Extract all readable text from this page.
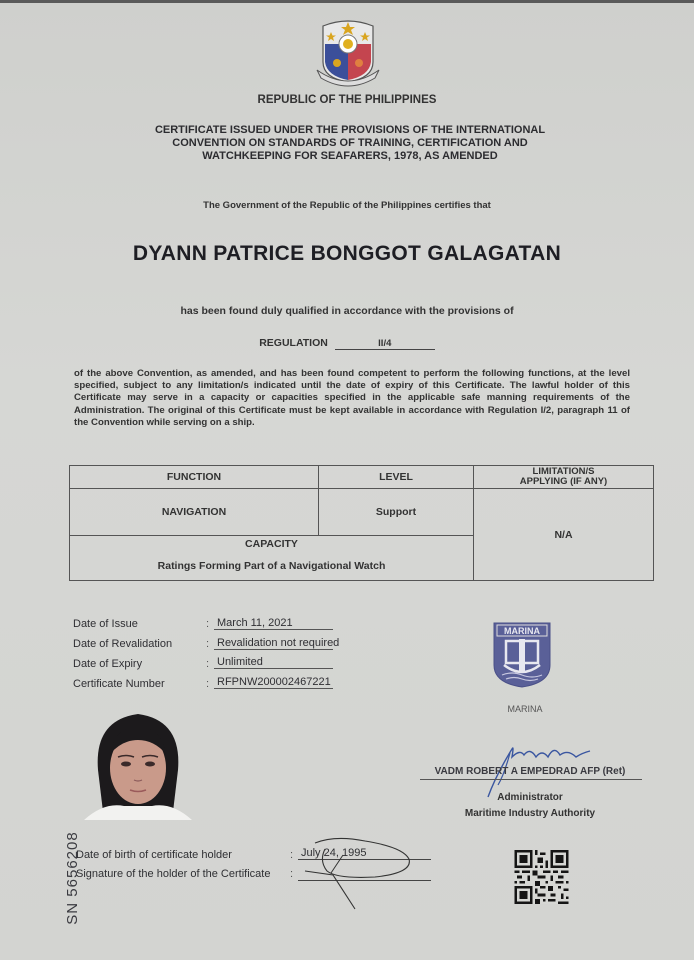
REPUBLIC OF THE PHILIPPINES
CERTIFICATE ISSUED UNDER THE PROVISIONS OF THE INTERNATIONAL
CONVENTION ON STANDARDS OF TRAINING, CERTIFICATION AND
WATCHKEEPING FOR SEAFARERS, 1978, AS AMENDED
The Government of the Republic of the Philippines certifies that
DYANN PATRICE BONGGOT GALAGATAN
has been found duly qualified in accordance with the provisions of
REGULATION	II/4
of the above Convention, as amended, and has been found competent to perform the following functions, at the level specified, subject to any limitation/s indicated until the date of expiry of this Certificate. The lawful holder of this Certificate may serve in a capacity or capacities specified in the applicable safe manning requirements of the Administration. The original of this Certificate must be kept available in accordance with Regulation I/2, paragraph 11 of the Convention while serving on a ship.
FUNCTION	LEVEL	LIMITATION/S
APPLYING (IF ANY)

NAVIGATION	Support	N/A

CAPACITY
Ratings Forming Part of a Navigational Watch		
Date of Issue	: March 11, 2021
Date of Revalidation	: Revalidation not required
Date of Expiry	: Unlimited
Certificate Number	: RFPNW200002467221
MARINA
MARINA
VADM ROBERT A EMPEDRAD AFP (Ret)
Administrator
Maritime Industry Authority
Date of birth of certificate holder	: July 24, 1995
Signature of the holder of the Certificate :
SN 5656208
